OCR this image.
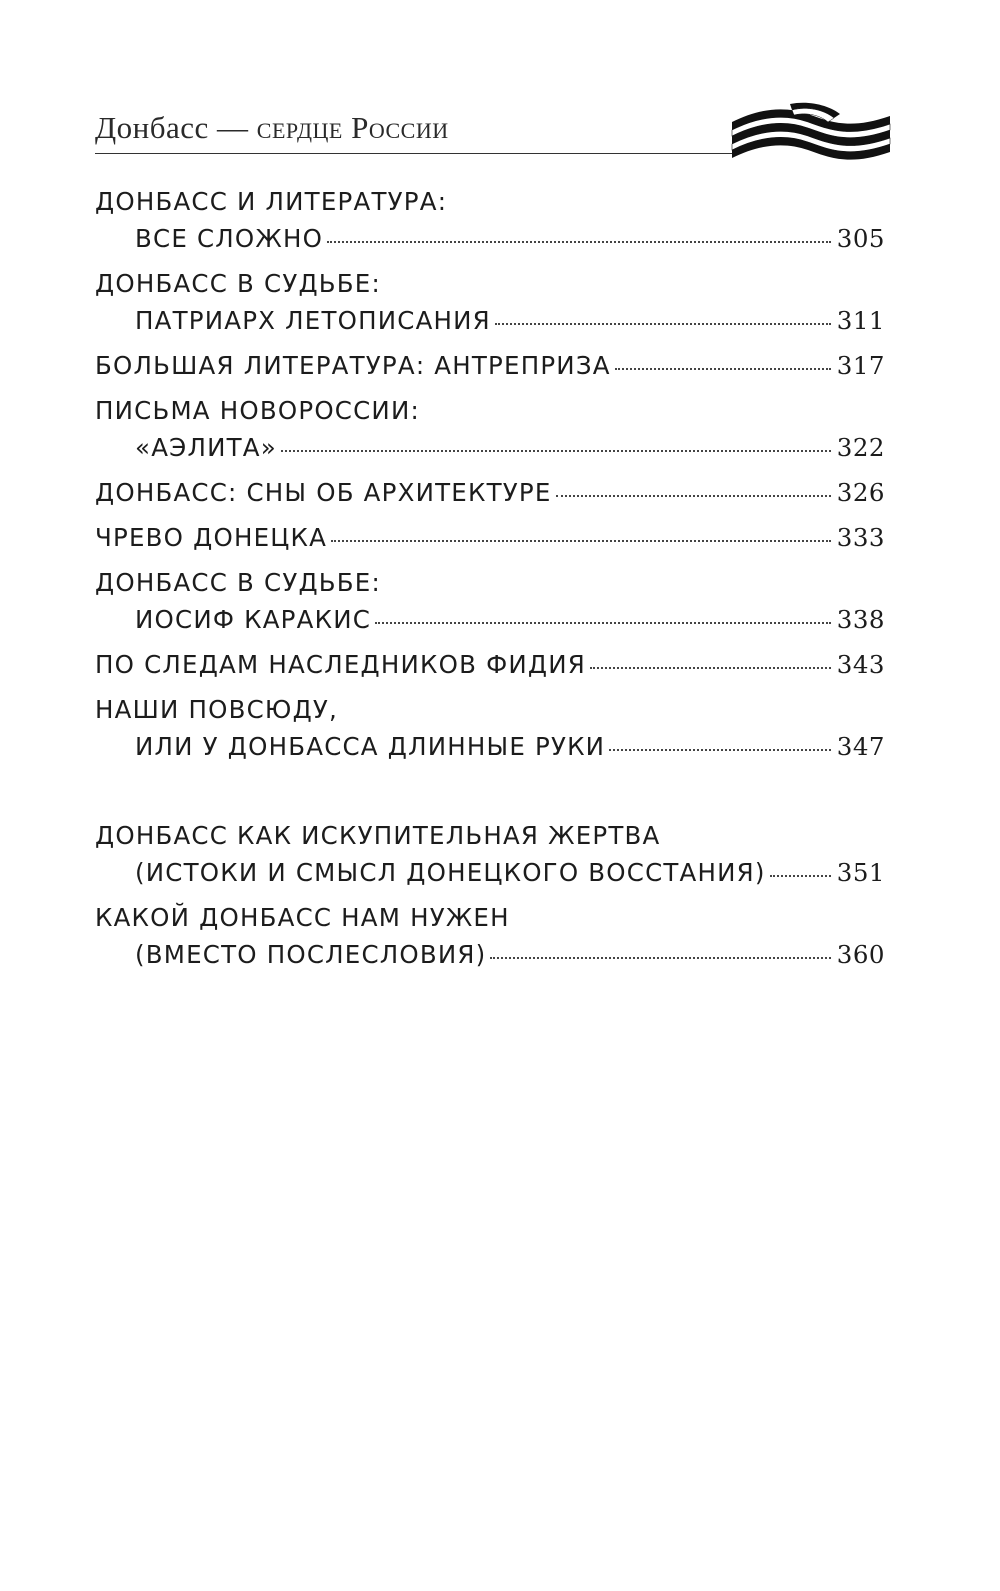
Донбасс — сердце России
ДОНБАСС И ЛИТЕРАТУРА:
ВСЕ СЛОЖНО	305
ДОНБАСС В СУДЬБЕ:
ПАТРИАРХ ЛЕТОПИСАНИЯ	311
БОЛЬШАЯ ЛИТЕРАТУРА: АНТРЕПРИЗА	317
ПИСЬМА НОВОРОССИИ:
«АЭЛИТА»	322
ДОНБАСС: СНЫ ОБ АРХИТЕКТУРЕ	326
ЧРЕВО ДОНЕЦКА	333
ДОНБАСС В СУДЬБЕ:
ИОСИФ КАРАКИС	338
ПО СЛЕДАМ НАСЛЕДНИКОВ ФИДИЯ	343
НАШИ ПОВСЮДУ,
ИЛИ У ДОНБАССА ДЛИННЫЕ РУКИ	347
ДОНБАСС КАК ИСКУПИТЕЛЬНАЯ ЖЕРТВА
(ИСТОКИ И СМЫСЛ ДОНЕЦКОГО ВОССТАНИЯ)	351
КАКОЙ ДОНБАСС НАМ НУЖЕН
(ВМЕСТО ПОСЛЕСЛОВИЯ)	360
